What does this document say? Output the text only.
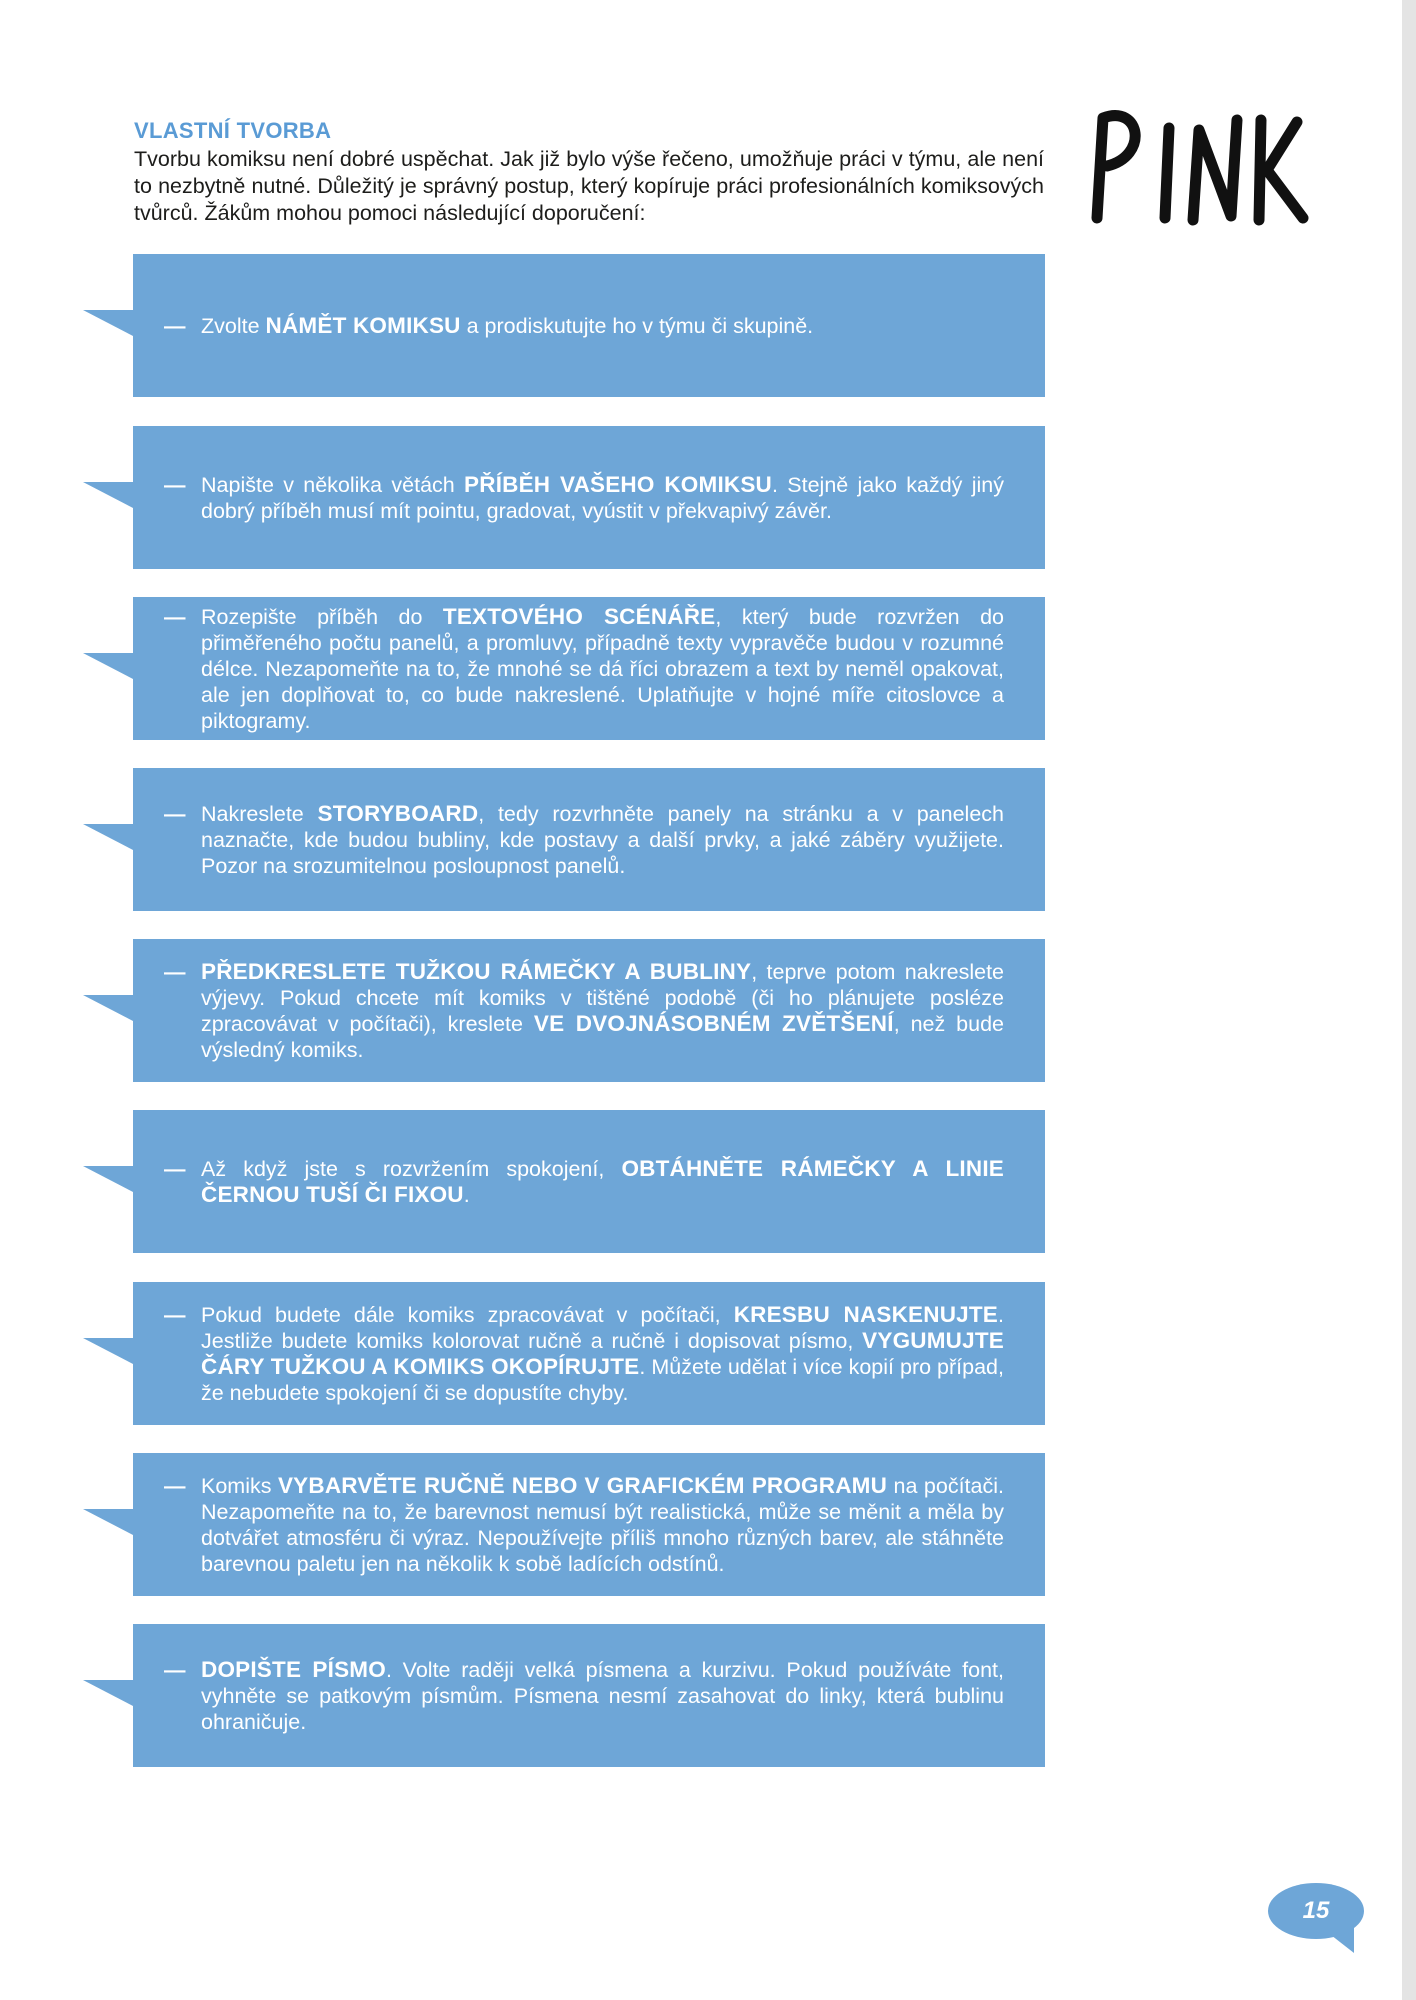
VLASTNÍ TVORBA
Tvorbu komiksu není dobré uspěchat. Jak již bylo výše řečeno, umožňuje práci v týmu, ale není to nezbytně nutné. Důležitý je správný postup, který kopíruje práci profesionálních komiksových tvůrců. Žákům mohou pomoci následující doporučení:
— Zvolte NÁMĚT KOMIKSU a prodiskutujte ho v týmu či skupině.
— Napište v několika větách PŘÍBĚH VAŠEHO KOMIKSU. Stejně jako každý jiný dobrý příběh musí mít pointu, gradovat, vyústit v překvapivý závěr.
— Rozepište příběh do TEXTOVÉHO SCÉNÁŘE, který bude rozvržen do přiměřeného počtu panelů, a promluvy, případně texty vypravěče budou v rozumné délce. Nezapomeňte na to, že mnohé se dá říci obrazem a text by neměl opakovat, ale jen doplňovat to, co bude nakreslené. Uplatňujte v hojné míře citoslovce a piktogramy.
— Nakreslete STORYBOARD, tedy rozvrhněte panely na stránku a v panelech naznačte, kde budou bubliny, kde postavy a další prvky, a jaké záběry využijete. Pozor na srozumitelnou posloupnost panelů.
— PŘEDKRESLETE TUŽKOU RÁMEČKY A BUBLINY, teprve potom nakreslete výjevy. Pokud chcete mít komiks v tištěné podobě (či ho plánujete posléze zpracovávat v počítači), kreslete VE DVOJNÁSOBNÉM ZVĚTŠENÍ, než bude výsledný komiks.
— Až když jste s rozvržením spokojení, OBTÁHNĚTE RÁMEČKY A LINIE ČERNOU TUŠÍ ČI FIXOU.
— Pokud budete dále komiks zpracovávat v počítači, KRESBU NASKENUJTE. Jestliže budete komiks kolorovat ručně a ručně i dopisovat písmo, VYGUMUJTE ČÁRY TUŽKOU A KOMIKS OKOPÍRUJTE. Můžete udělat i více kopií pro případ, že nebudete spokojení či se dopustíte chyby.
— Komiks VYBARVĚTE RUČNĚ NEBO V GRAFICKÉM PROGRAMU na počítači. Nezapomeňte na to, že barevnost nemusí být realistická, může se měnit a měla by dotvářet atmosféru či výraz. Nepoužívejte příliš mnoho různých barev, ale stáhněte barevnou paletu jen na několik k sobě ladících odstínů.
— DOPIŠTE PÍSMO. Volte raději velká písmena a kurzivu. Pokud používáte font, vyhněte se patkovým písmům. Písmena nesmí zasahovat do linky, která bublinu ohraničuje.
15
